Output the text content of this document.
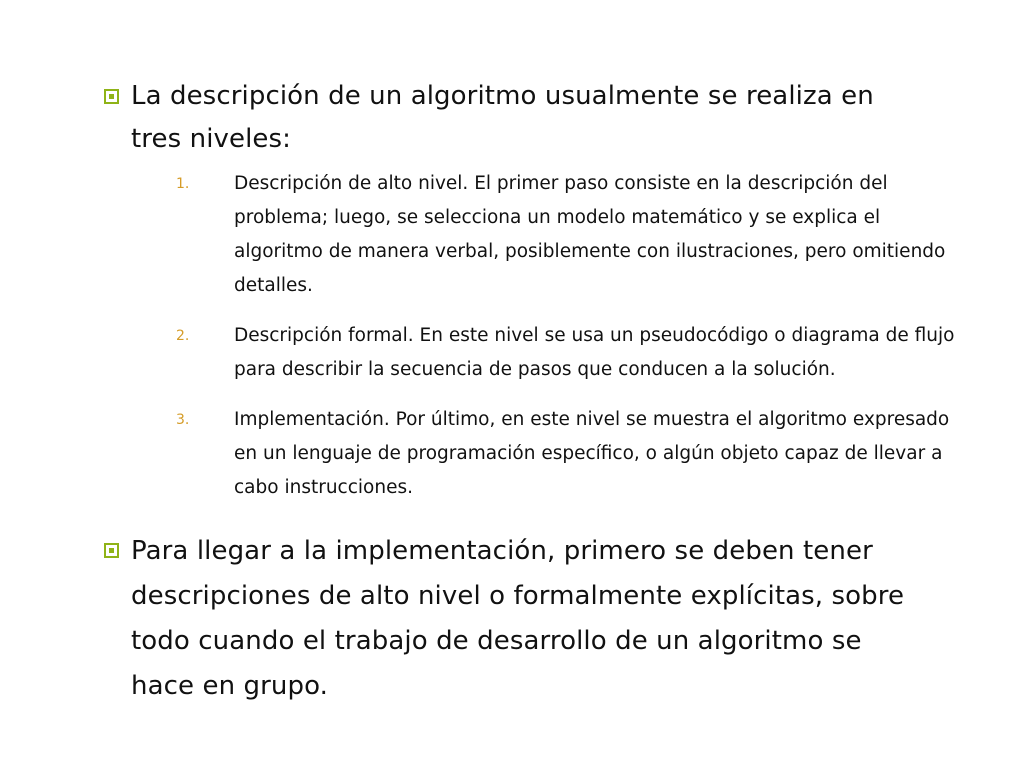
La descripción de un algoritmo usualmente se realiza en tres niveles:
1. Descripción de alto nivel. El primer paso consiste en la descripción del problema; luego, se selecciona un modelo matemático y se explica el algoritmo de manera verbal, posiblemente con ilustraciones, pero omitiendo detalles.
2. Descripción formal. En este nivel se usa un pseudocódigo o diagrama de flujo para describir la secuencia de pasos que conducen a la solución.
3. Implementación. Por último, en este nivel se muestra el algoritmo expresado en un lenguaje de programación específico, o algún objeto capaz de llevar a cabo instrucciones.
Para llegar a la implementación, primero se deben tener descripciones de alto nivel o formalmente explícitas, sobre todo cuando el trabajo de desarrollo de un algoritmo se hace en grupo.
